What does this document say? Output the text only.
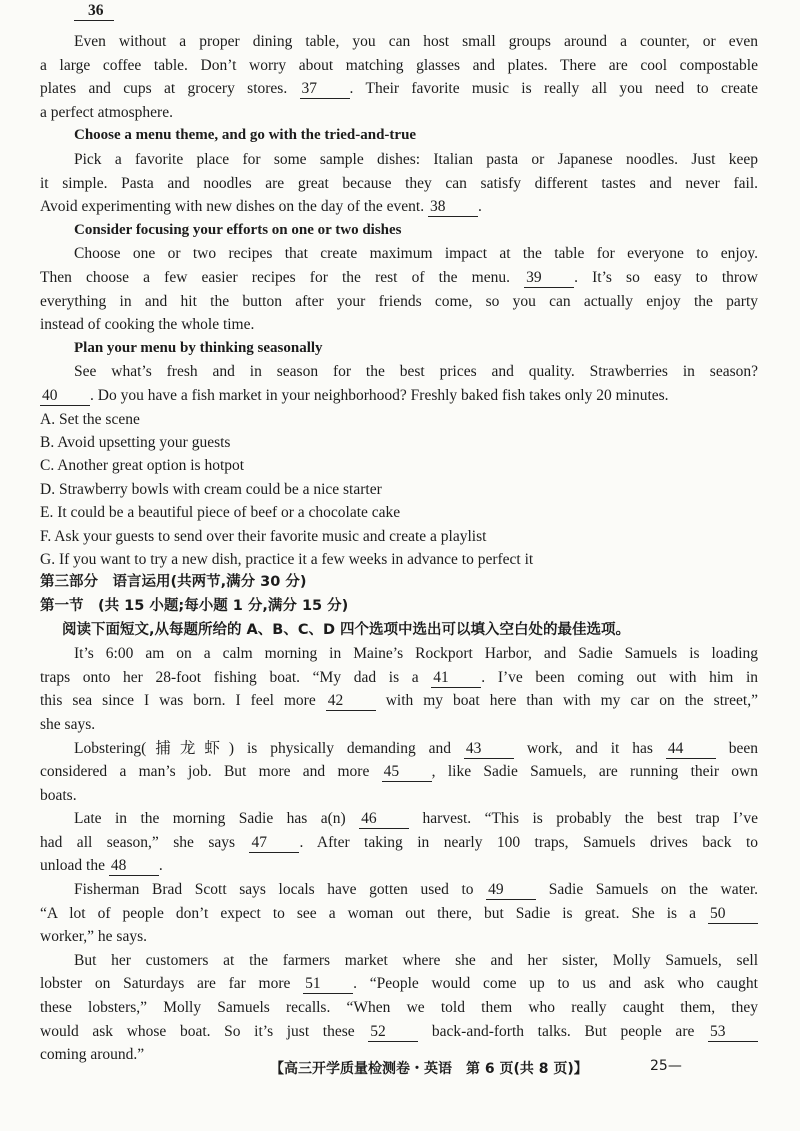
36
Even without a proper dining table, you can host small groups around a counter, or even
a large coffee table. Don’t worry about matching glasses and plates. There are cool compostable
plates and cups at grocery stores. 37 . Their favorite music is really all you need to create
a perfect atmosphere.
Choose a menu theme, and go with the tried-and-true
Pick a favorite place for some sample dishes: Italian pasta or Japanese noodles. Just keep
it simple. Pasta and noodles are great because they can satisfy different tastes and never fail.
Avoid experimenting with new dishes on the day of the event. 38 .
Consider focusing your efforts on one or two dishes
Choose one or two recipes that create maximum impact at the table for everyone to enjoy.
Then choose a few easier recipes for the rest of the menu. 39 . It’s so easy to throw
everything in and hit the button after your friends come, so you can actually enjoy the party
instead of cooking the whole time.
Plan your menu by thinking seasonally
See what’s fresh and in season for the best prices and quality. Strawberries in season?
40 . Do you have a fish market in your neighborhood? Freshly baked fish takes only 20 minutes.
A. Set the scene
B. Avoid upsetting your guests
C. Another great option is hotpot
D. Strawberry bowls with cream could be a nice starter
E. It could be a beautiful piece of beef or a chocolate cake
F. Ask your guests to send over their favorite music and create a playlist
G. If you want to try a new dish, practice it a few weeks in advance to perfect it
第三部分　语言运用(共两节,满分 30 分)
第一节　(共 15 小题;每小题 1 分,满分 15 分)
阅读下面短文,从每题所给的 A、B、C、D 四个选项中选出可以填入空白处的最佳选项。
It’s 6:00 am on a calm morning in Maine’s Rockport Harbor, and Sadie Samuels is loading
traps onto her 28-foot fishing boat. “My dad is a 41 . I’ve been coming out with him in
this sea since I was born. I feel more 42 with my boat here than with my car on the street,”
she says.
Lobstering(捕龙虾) is physically demanding and 43 work, and it has 44 been
considered a man’s job. But more and more 45 , like Sadie Samuels, are running their own
boats.
Late in the morning Sadie has a(n) 46 harvest. “This is probably the best trap I’ve
had all season,” she says 47 . After taking in nearly 100 traps, Samuels drives back to
unload the 48 .
Fisherman Brad Scott says locals have gotten used to 49 Sadie Samuels on the water.
“A lot of people don’t expect to see a woman out there, but Sadie is great. She is a 50
worker,” he says.
But her customers at the farmers market where she and her sister, Molly Samuels, sell
lobster on Saturdays are far more 51 . “People would come up to us and ask who caught
these lobsters,” Molly Samuels recalls. “When we told them who really caught them, they
would ask whose boat. So it’s just these 52 back-and-forth talks. But people are 53
coming around.”
【高三开学质量检测卷・英语　第 6 页(共 8 页)】	25—
